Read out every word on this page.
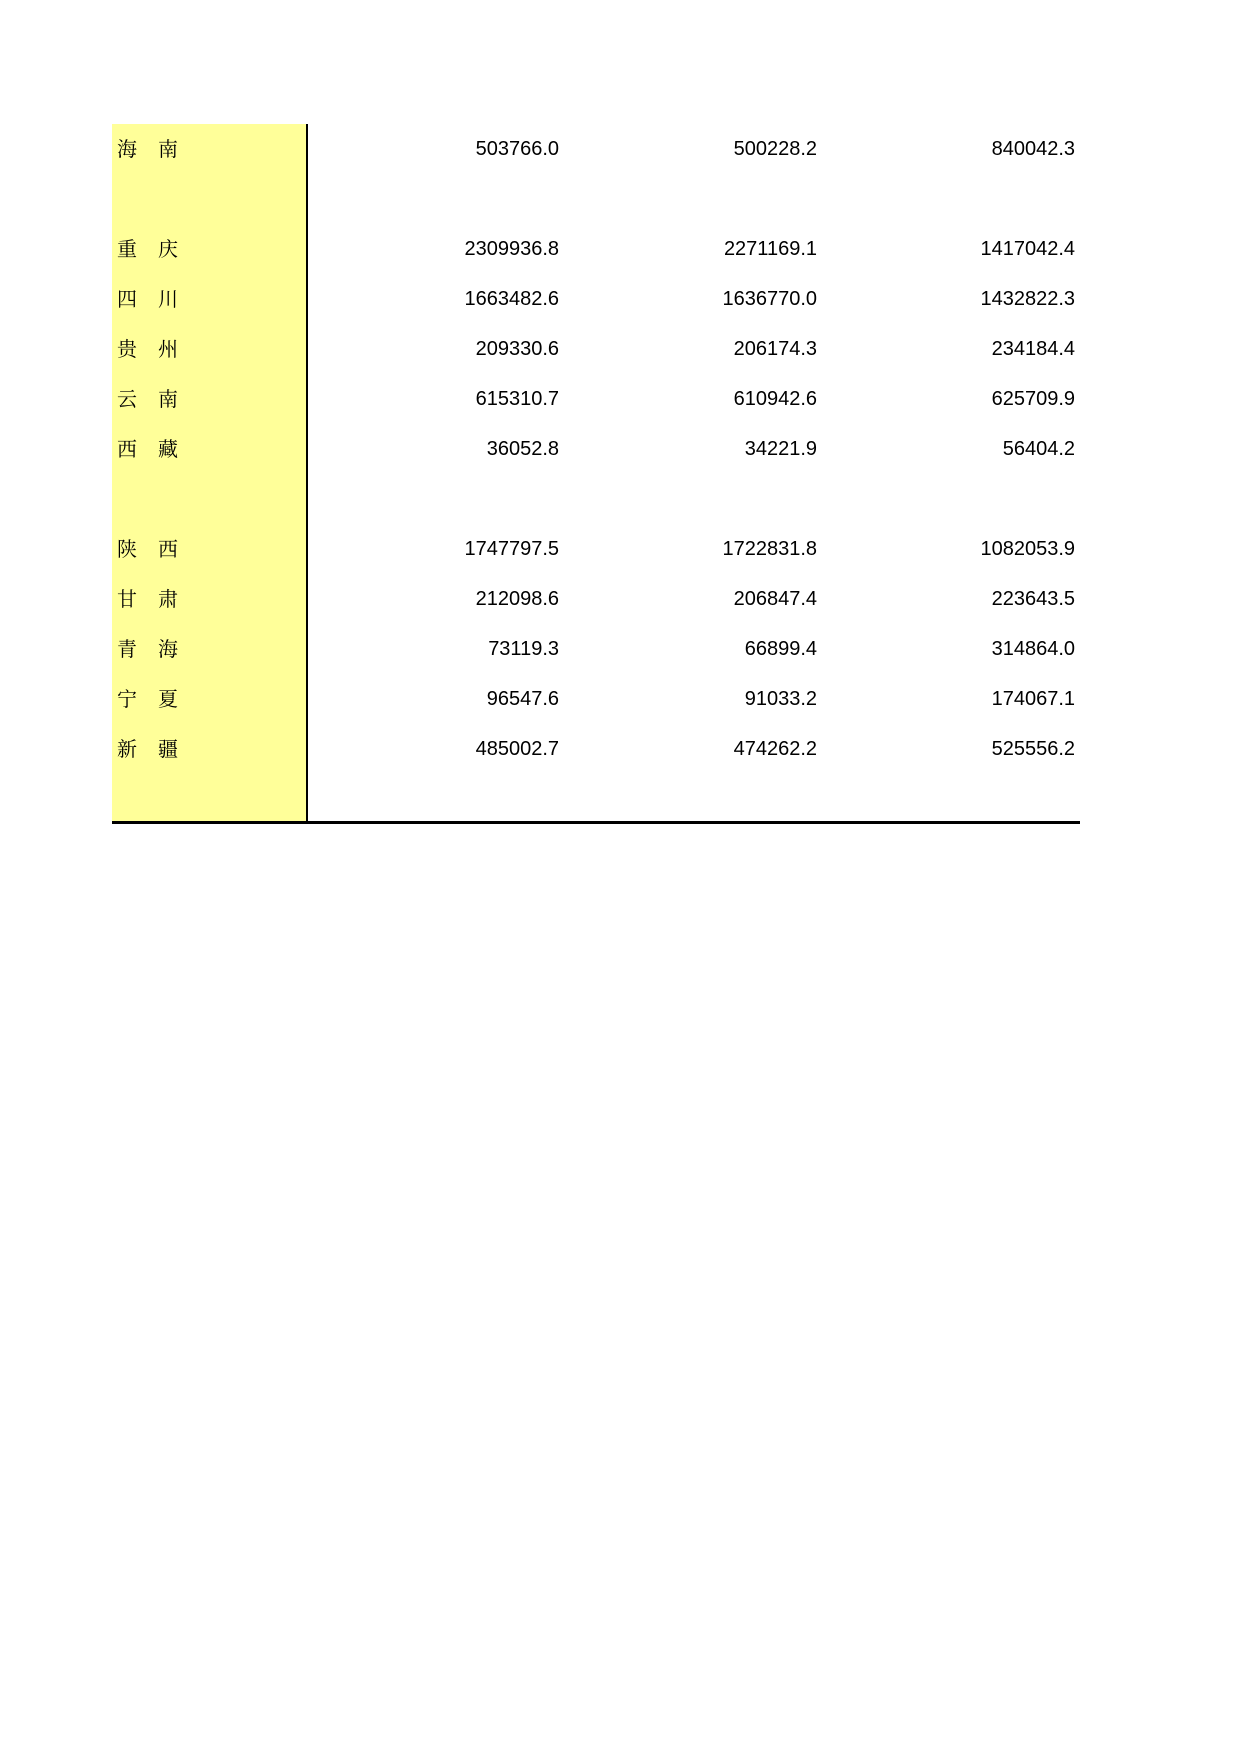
海 南	503766.0	500228.2	840042.3
重 庆	2309936.8	2271169.1	1417042.4
四 川	1663482.6	1636770.0	1432822.3
贵 州	209330.6	206174.3	234184.4
云 南	615310.7	610942.6	625709.9
西 藏	36052.8	34221.9	56404.2
陕 西	1747797.5	1722831.8	1082053.9
甘 肃	212098.6	206847.4	223643.5
青 海	73119.3	66899.4	314864.0
宁 夏	96547.6	91033.2	174067.1
新 疆	485002.7	474262.2	525556.2
